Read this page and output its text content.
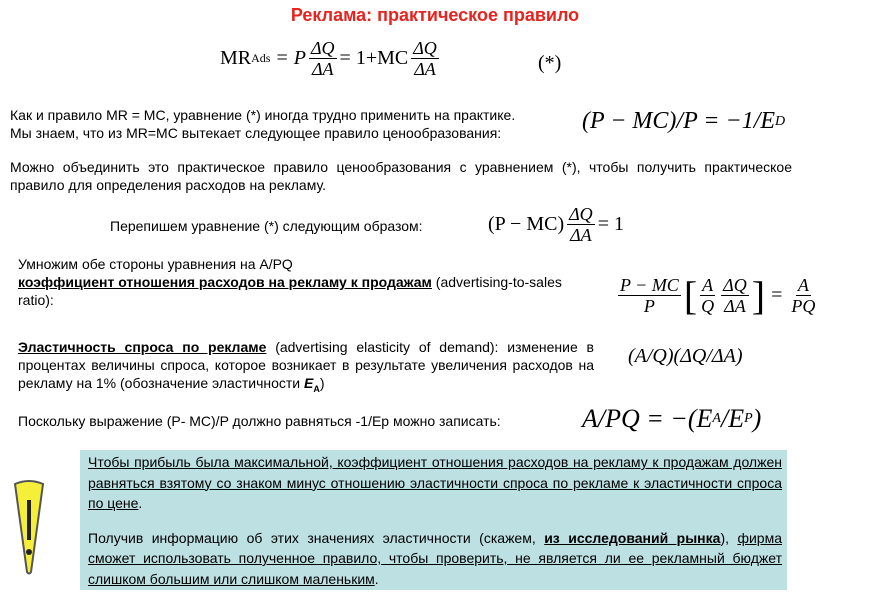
Реклама: практическое правило
MR Ads = P $\frac{\Delta Q}{\Delta A} = 1+MC \frac{\Delta Q}{\Delta A}$	(*)
Как и правило MR = MC, уравнение (*) иногда трудно применить на практике.
Мы знаем, что из MR=MC вытекает следующее правило ценообразования:	(P − MC)/P = −1/E D
Можно объединить это практическое правило ценообразования с уравнением (*), чтобы получить практическое правило для определения расходов на рекламу.
Перепишем уравнение (*) следующим образом:	$(P - MC) \frac{\Delta Q}{\Delta A} = 1$
Умножим обе стороны уравнения на A/PQ
коэффициент отношения расходов на рекламу к продажам (advertising-to-sales ratio):	$\frac{P - MC}{P}$ [ $\frac{A}{Q} \frac{\Delta Q}{\Delta A}$ ] = $\frac{A}{PQ}$
Эластичность спроса по рекламе (advertising elasticity of demand): изменение в процентах величины спроса, которое возникает в результате увеличения расходов на рекламу на 1% (обозначение эластичности $E_A$)
(A/Q)(ΔQ/ΔA)
Поскольку выражение (P- MC)/P должно равняться -1/Ep можно записать:	A/PQ = −(E A /E P )
Чтобы прибыль была максимальной, коэффициент отношения расходов на рекламу к продажам должен равняться взятому со знаком минус отношению эластичности спроса по рекламе к эластичности спроса по цене.
Получив информацию об этих значениях эластичности (скажем, из исследований рынка), фирма сможет использовать полученное правило, чтобы проверить, не является ли ее рекламный бюджет слишком большим или слишком маленьким.
